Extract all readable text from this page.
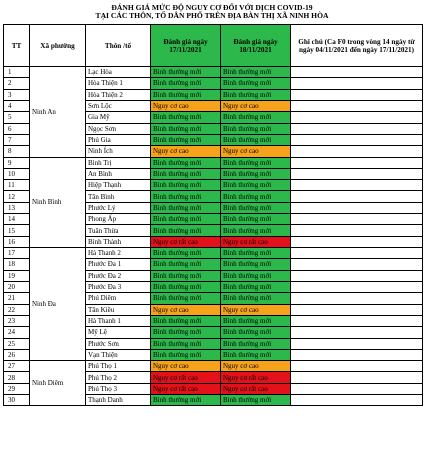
ĐÁNH GIÁ MỨC ĐỘ NGUY CƠ ĐỐI VỚI DỊCH COVID-19
TẠI CÁC THÔN, TỔ DÂN PHỐ TRÊN ĐỊA BÀN THỊ XÃ NINH HÒA
TT	Xã phường	Thôn /tổ	Đánh giá ngày 17/11/2021	Đánh giá ngày 18/11/2021	Ghi chú (Ca F0 trong vòng 14 ngày từ ngày 04/11/2021 đến ngày 17/11/2021)
1	Ninh An	Lạc Hòa	Bình thường mới	Bình thường mới	
2		Hòa Thiện 1	Bình thường mới	Bình thường mới	
3		Hòa Thiện 2	Bình thường mới	Bình thường mới	
4		Sơn Lộc	Nguy cơ cao	Nguy cơ cao	
5		Gia Mỹ	Bình thường mới	Bình thường mới	
6		Ngọc Sơn	Bình thường mới	Bình thường mới	
7		Phú Gia	Bình thường mới	Bình thường mới	
8		Ninh Ích	Nguy cơ cao	Nguy cơ cao	
9	Ninh Bình	Bình Trị	Bình thường mới	Bình thường mới	
10		An Bình	Bình thường mới	Bình thường mới	
11		Hiệp Thạnh	Bình thường mới	Bình thường mới	
12		Tân Bình	Bình thường mới	Bình thường mới	
13		Phước Lý	Bình thường mới	Bình thường mới	
14		Phong Ấp	Bình thường mới	Bình thường mới	
15		Tuân Thừa	Bình thường mới	Bình thường mới	
16		Bình Thành	Nguy cơ rất cao	Nguy cơ rất cao	
17	Ninh Đa	Hà Thanh 2	Bình thường mới	Bình thường mới	
18		Phước Đa 1	Bình thường mới	Bình thường mới	
19		Phước Đa 2	Bình thường mới	Bình thường mới	
20		Phước Đa 3	Bình thường mới	Bình thường mới	
21		Phú Diêm	Bình thường mới	Bình thường mới	
22		Tân Kiều	Nguy cơ cao	Nguy cơ cao	
23		Hà Thanh 1	Bình thường mới	Bình thường mới	
24		Mỹ Lệ	Bình thường mới	Bình thường mới	
25		Phước Sơn	Bình thường mới	Bình thường mới	
26		Vạn Thiện	Bình thường mới	Bình thường mới	
27	Ninh Diêm	Phú Thọ 1	Nguy cơ cao	Nguy cơ cao	
28		Phú Thọ 2	Nguy cơ rất cao	Nguy cơ rất cao	
29		Phú Thọ 3	Nguy cơ rất cao	Nguy cơ rất cao	
30		Thạnh Danh	Bình thường mới	Bình thường mới	
